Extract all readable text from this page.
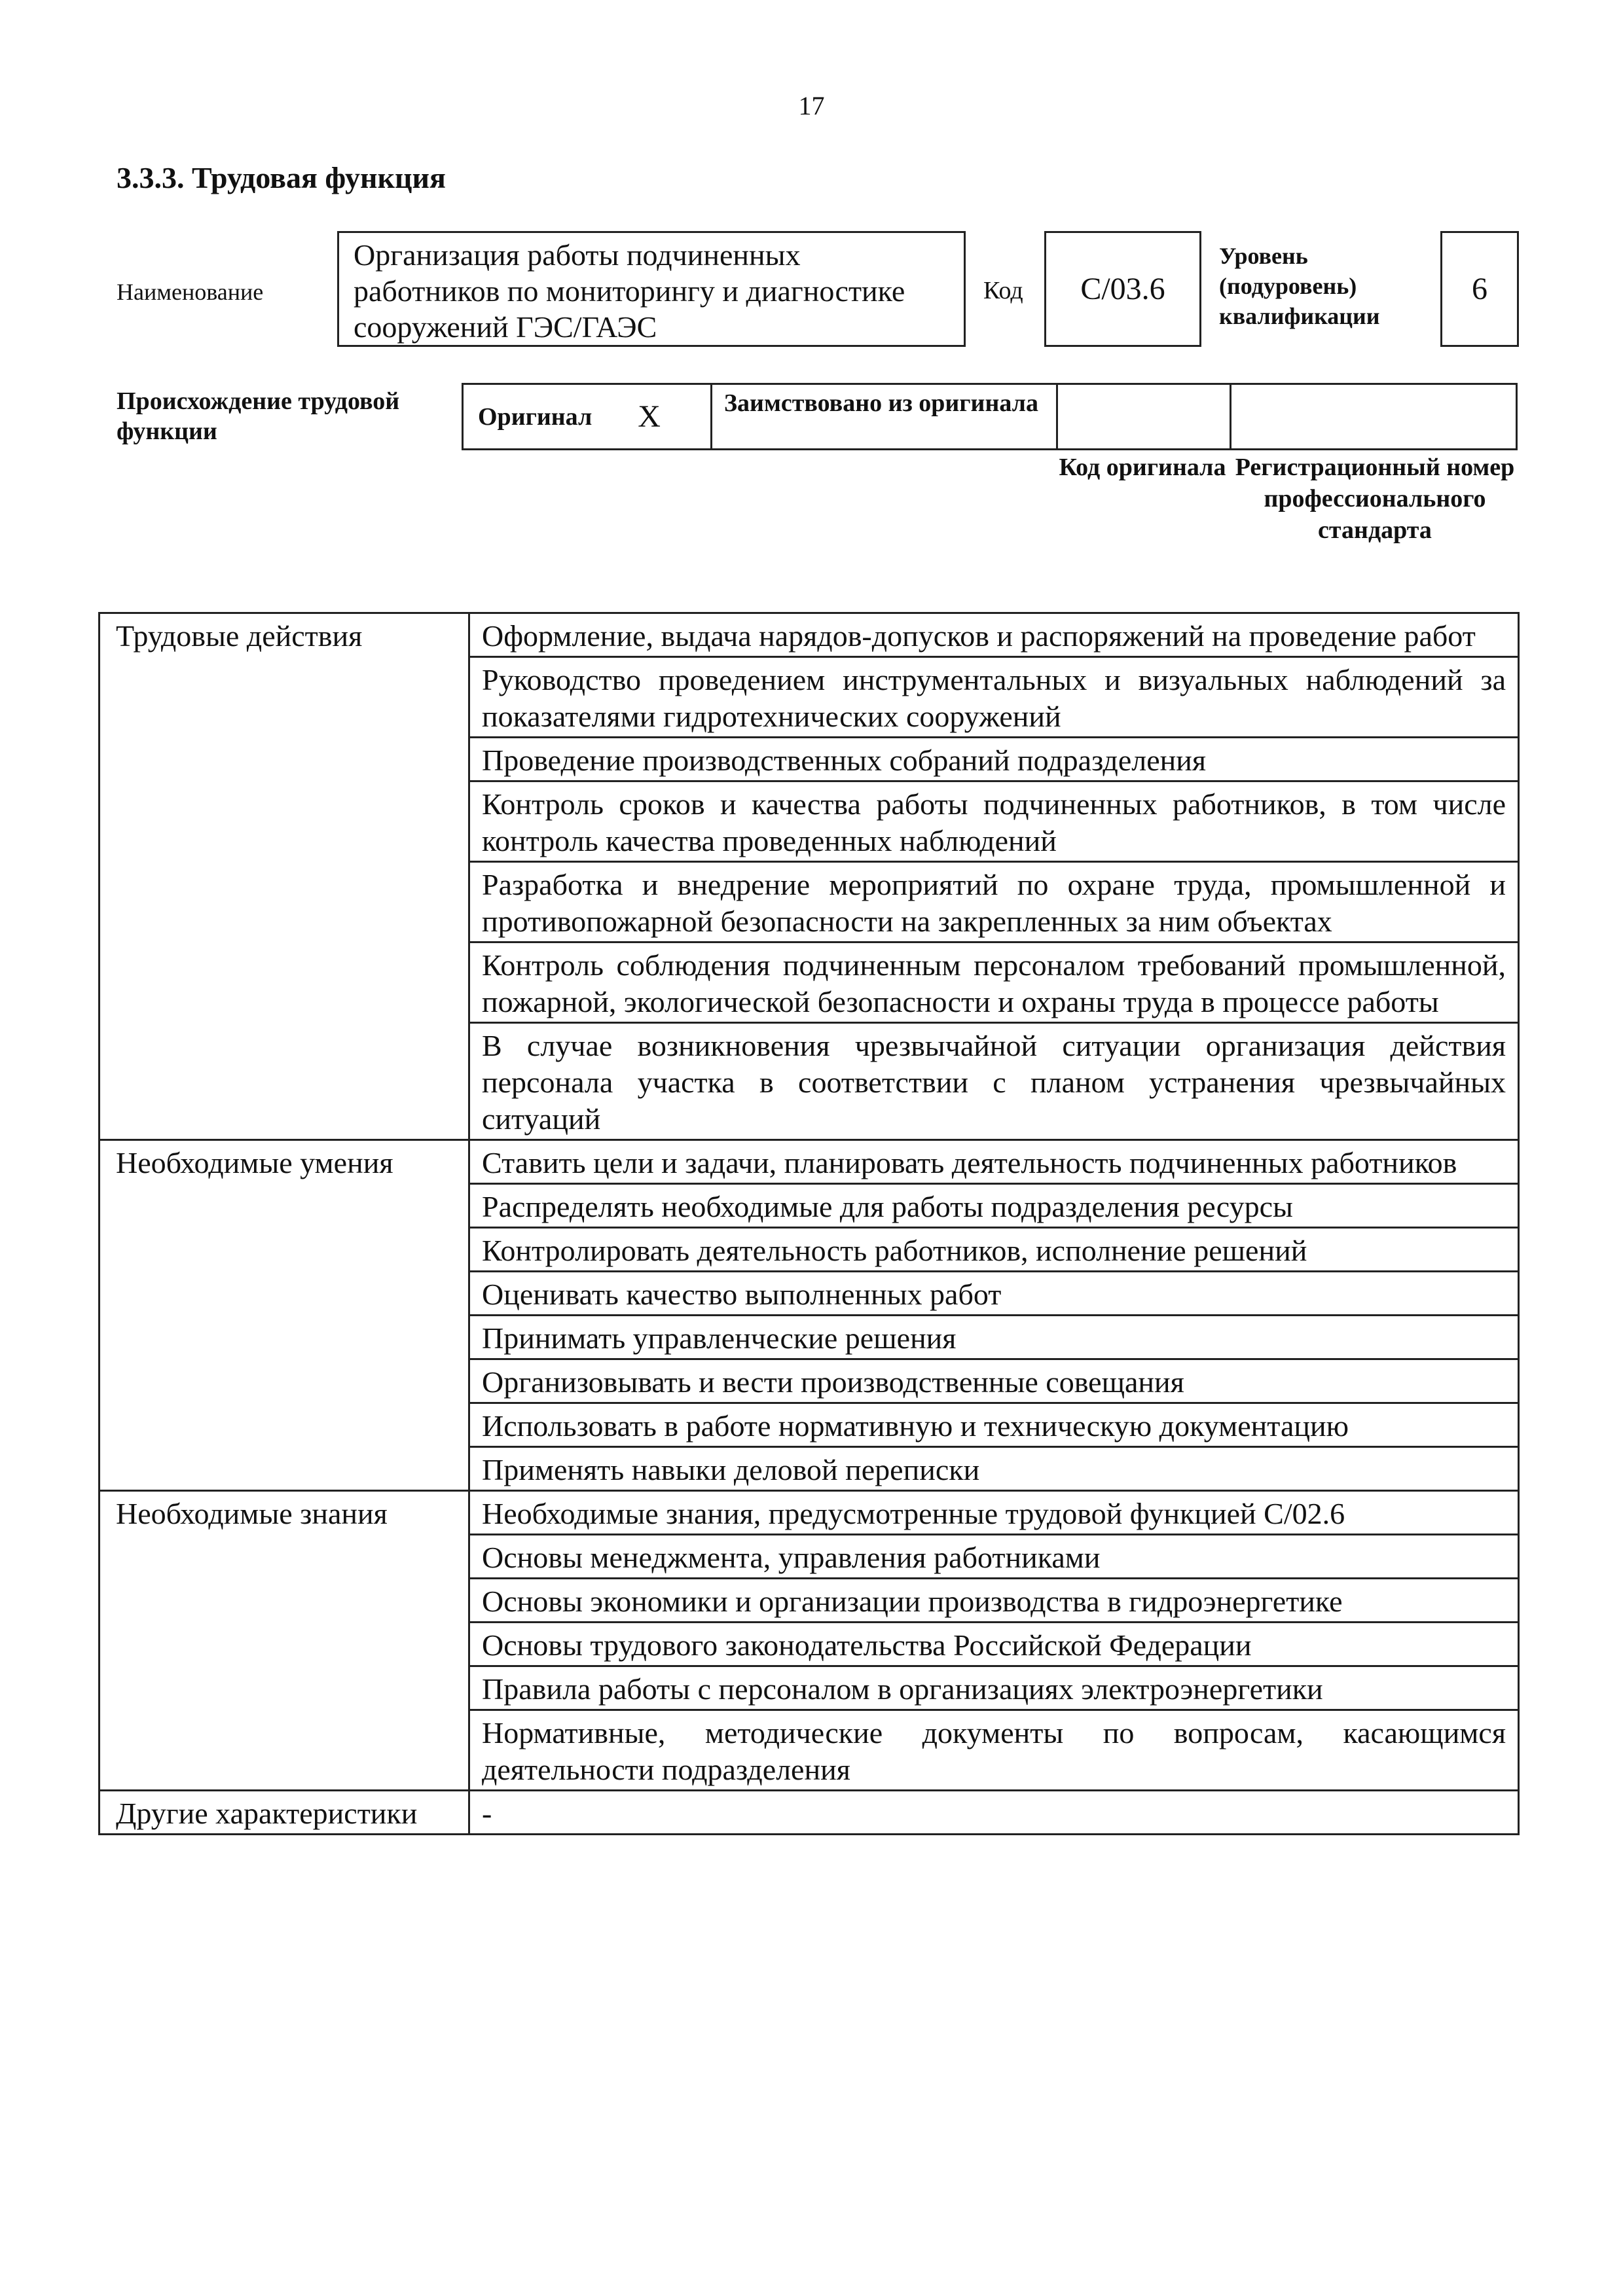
17
3.3.3. Трудовая функция
Наименование
Организация работы подчиненных работников по мониторингу и диагностике сооружений ГЭС/ГАЭС
Код C/03.6
Уровень (подуровень) квалификации
6
Происхождение трудовой функции
Оригинал X	Заимствовано из оригинала
Код оригинала Регистрационный номер профессионального стандарта
Трудовые действия	Оформление, выдача нарядов-допусков и распоряжений на проведение работ
	Руководство проведением инструментальных и визуальных наблюдений за показателями гидротехнических сооружений
	Проведение производственных собраний подразделения
	Контроль сроков и качества работы подчиненных работников, в том числе контроль качества проведенных наблюдений
	Разработка и внедрение мероприятий по охране труда, промышленной и противопожарной безопасности на закрепленных за ним объектах
	Контроль соблюдения подчиненным персоналом требований промышленной, пожарной, экологической безопасности и охраны труда в процессе работы
	В случае возникновения чрезвычайной ситуации организация действия персонала участка в соответствии с планом устранения чрезвычайных ситуаций
Необходимые умения	Ставить цели и задачи, планировать деятельность подчиненных работников
	Распределять необходимые для работы подразделения ресурсы
	Контролировать деятельность работников, исполнение решений
	Оценивать качество выполненных работ
	Принимать управленческие решения
	Организовывать и вести производственные совещания
	Использовать в работе нормативную и техническую документацию
	Применять навыки деловой переписки
Необходимые знания	Необходимые знания, предусмотренные трудовой функцией C/02.6
	Основы менеджмента, управления работниками
	Основы экономики и организации производства в гидроэнергетике
	Основы трудового законодательства Российской Федерации
	Правила работы с персоналом в организациях электроэнергетики
	Нормативные, методические документы по вопросам, касающимся деятельности подразделения
Другие характеристики	-
